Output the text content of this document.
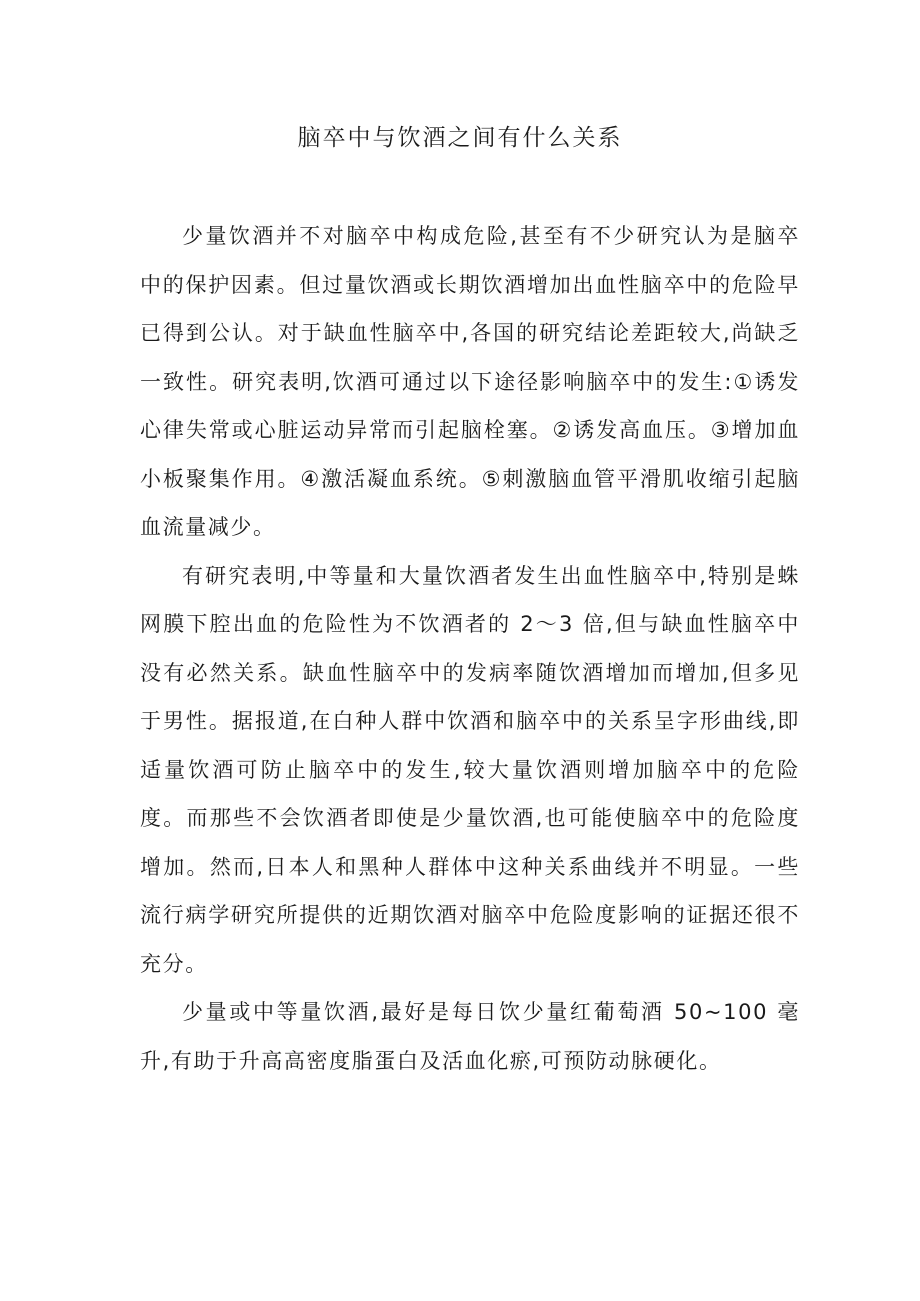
脑卒中与饮酒之间有什么关系

少量饮酒并不对脑卒中构成危险,甚至有不少研究认为是脑卒中的保护因素。但过量饮酒或长期饮酒增加出血性脑卒中的危险早已得到公认。对于缺血性脑卒中,各国的研究结论差距较大,尚缺乏一致性。研究表明,饮酒可通过以下途径影响脑卒中的发生:①诱发心律失常或心脏运动异常而引起脑栓塞。②诱发高血压。③增加血小板聚集作用。④激活凝血系统。⑤刺激脑血管平滑肌收缩引起脑血流量减少。

有研究表明,中等量和大量饮酒者发生出血性脑卒中,特别是蛛网膜下腔出血的危险性为不饮酒者的 2～3 倍,但与缺血性脑卒中没有必然关系。缺血性脑卒中的发病率随饮酒增加而增加,但多见于男性。据报道,在白种人群中饮酒和脑卒中的关系呈字形曲线,即适量饮酒可防止脑卒中的发生,较大量饮酒则增加脑卒中的危险度。而那些不会饮酒者即使是少量饮酒,也可能使脑卒中的危险度增加。然而,日本人和黑种人群体中这种关系曲线并不明显。一些流行病学研究所提供的近期饮酒对脑卒中危险度影响的证据还很不充分。

少量或中等量饮酒,最好是每日饮少量红葡萄酒 50~100 毫升,有助于升高高密度脂蛋白及活血化瘀,可预防动脉硬化。
